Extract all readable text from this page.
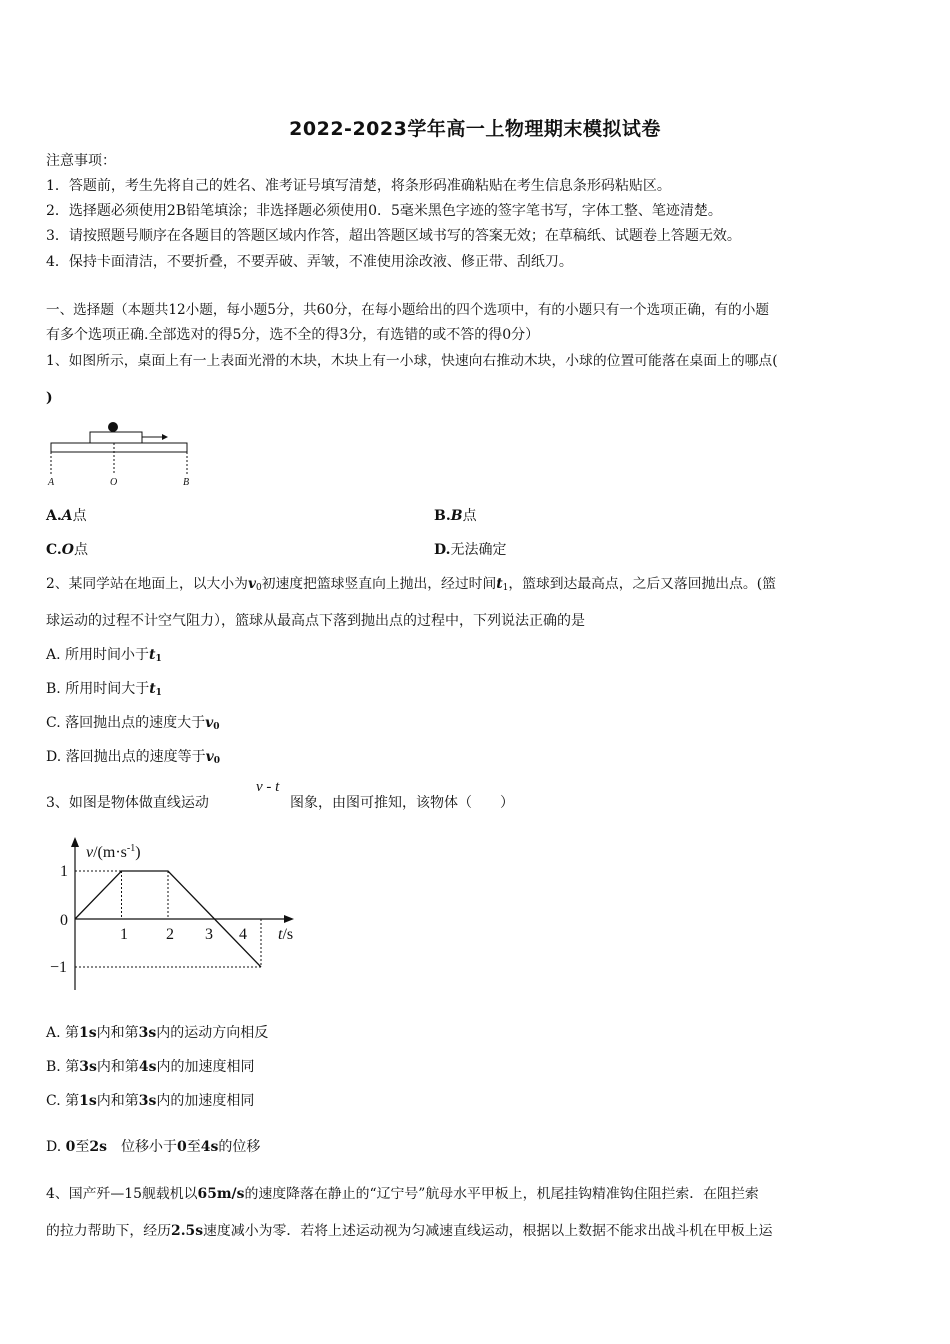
2022-2023学年高一上物理期末模拟试卷
注意事项：
1．答题前，考生先将自己的姓名、准考证号填写清楚，将条形码准确粘贴在考生信息条形码粘贴区。
2．选择题必须使用2B铅笔填涂；非选择题必须使用0．5毫米黑色字迹的签字笔书写，字体工整、笔迹清楚。
3．请按照题号顺序在各题目的答题区域内作答，超出答题区域书写的答案无效；在草稿纸、试题卷上答题无效。
4．保持卡面清洁，不要折叠，不要弄破、弄皱，不准使用涂改液、修正带、刮纸刀。
一、选择题（本题共12小题，每小题5分，共60分，在每小题给出的四个选项中，有的小题只有一个选项正确，有的小题
有多个选项正确.全部选对的得5分，选不全的得3分，有选错的或不答的得0分）
1、如图所示，桌面上有一上表面光滑的木块，木块上有一小球，快速向右推动木块，小球的位置可能落在桌面上的哪点(
)
A	O	B
A.A点	B.B点
C.O点	D.无法确定
2、某同学站在地面上，以大小为$v_0$初速度把篮球竖直向上抛出，经过时间$t_1$，篮球到达最高点，之后又落回抛出点。(篮
球运动的过程不计空气阻力），篮球从最高点下落到抛出点的过程中，下列说法正确的是
A. 所用时间小于$t_1$
B. 所用时间大于$t_1$
C. 落回抛出点的速度大于$v_0$
D. 落回抛出点的速度等于$v_0$
3、如图是物体做直线运动
v - t
图象，由图可推知，该物体（　　）
$v/(m\cdot s^{-1})$
t/s
1
0
−1
1 2 3 4
A. 第1s内和第3s内的运动方向相反
B. 第3s内和第4s内的加速度相同
C. 第1s内和第3s内的加速度相同
D. 0至2s　位移小于0至4s的位移
4、国产歼—15舰载机以65m/s的速度降落在静止的“辽宁号”航母水平甲板上，机尾挂钩精准钩住阻拦索．在阻拦索
的拉力帮助下，经历2.5s速度减小为零．若将上述运动视为匀减速直线运动，根据以上数据不能求出战斗机在甲板上运
